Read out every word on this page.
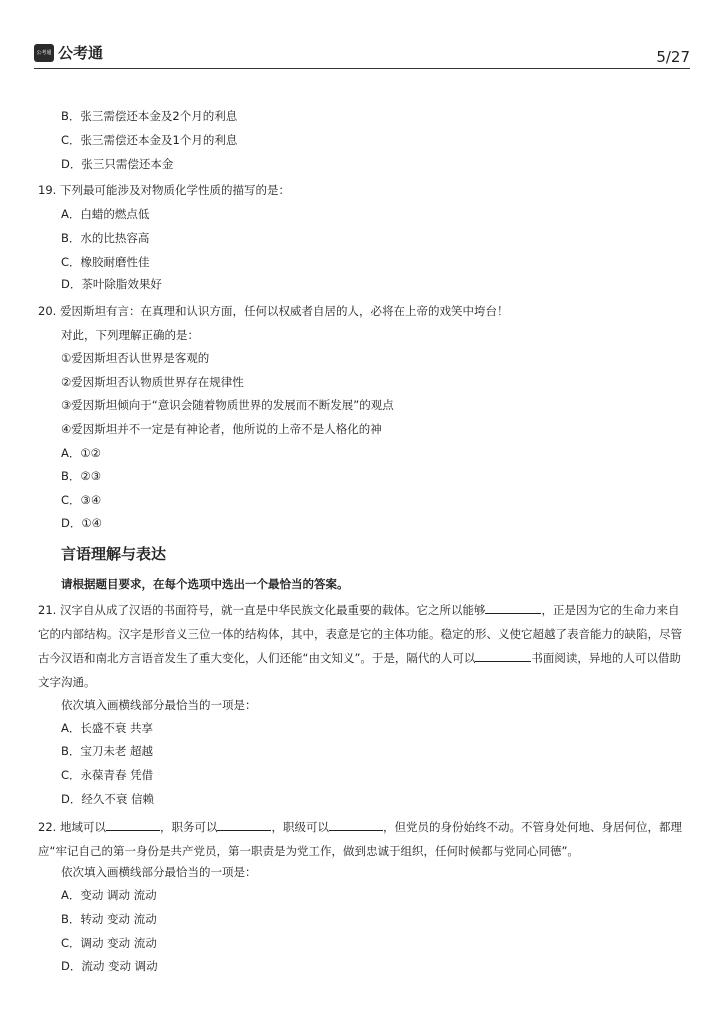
公考通 公考通	5/27
B．张三需偿还本金及2个月的利息
C．张三需偿还本金及1个月的利息
D．张三只需偿还本金
19. 下列最可能涉及对物质化学性质的描写的是：
A．白蜡的燃点低
B．水的比热容高
C．橡胶耐磨性佳
D．茶叶除脂效果好
20. 爱因斯坦有言：在真理和认识方面，任何以权威者自居的人，必将在上帝的戏笑中垮台！
对此，下列理解正确的是：
①爱因斯坦否认世界是客观的
②爱因斯坦否认物质世界存在规律性
③爱因斯坦倾向于“意识会随着物质世界的发展而不断发展”的观点
④爱因斯坦并不一定是有神论者，他所说的上帝不是人格化的神
A．①②
B．②③
C．③④
D．①④
言语理解与表达
请根据题目要求，在每个选项中选出一个最恰当的答案。
21. 汉字自从成了汉语的书面符号，就一直是中华民族文化最重要的载体。它之所以能够	，正是因为它的生命力来自它的内部结构。汉字是形音义三位一体的结构体，其中，表意是它的主体功能。稳定的形、义使它超越了表音能力的缺陷，尽管古今汉语和南北方言语音发生了重大变化，人们还能“由文知义”。于是，隔代的人可以	书面阅读，异地的人可以借助文字沟通。
依次填入画横线部分最恰当的一项是：
A．长盛不衰 共享
B．宝刀未老 超越
C．永葆青春 凭借
D．经久不衰 信赖
22. 地域可以	，职务可以	，职级可以	，但党员的身份始终不动。不管身处何地、身居何位，都理应“牢记自己的第一身份是共产党员，第一职责是为党工作，做到忠诚于组织，任何时候都与党同心同德”。
依次填入画横线部分最恰当的一项是：
A．变动 调动 流动
B．转动 变动 流动
C．调动 变动 流动
D．流动 变动 调动
